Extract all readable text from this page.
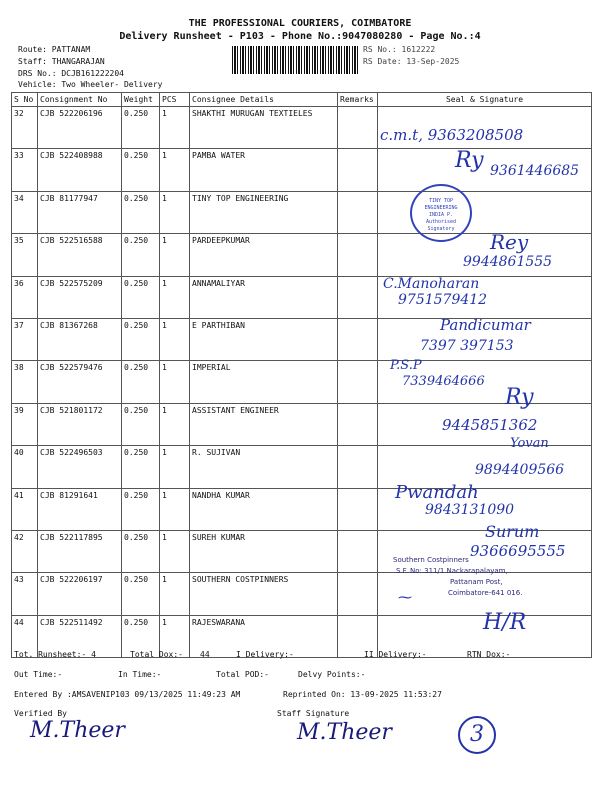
THE PROFESSIONAL COURIERS, COIMBATORE
Delivery Runsheet - P103 - Phone No.:9047080280 - Page No.:4
Route: PATTANAM
Staff: THANGARAJAN
DRS No.: DCJB161222204
Vehicle: Two Wheeler- Delivery
RS No.: 1612222
RS Date: 13-Sep-2025
S No	Consignment No	Weight	PCS	Consignee Details	Remarks	Seal & Signature
32	CJB 522206196	0.250	1	SHAKTHI MURUGAN TEXTIELES		
33	CJB 522408988	0.250	1	PAMBA WATER		
34	CJB 81177947	0.250	1	TINY TOP ENGINEERING		
35	CJB 522516588	0.250	1	PARDEEPKUMAR		
36	CJB 522575209	0.250	1	ANNAMALIYAR		
37	CJB 81367268	0.250	1	E PARTHIBAN		
38	CJB 522579476	0.250	1	IMPERIAL		
39	CJB 521801172	0.250	1	ASSISTANT ENGINEER		
40	CJB 522496503	0.250	1	R. SUJIVAN		
41	CJB 81291641	0.250	1	NANDHA KUMAR		
42	CJB 522117895	0.250	1	SUREH KUMAR		
43	CJB 522206197	0.250	1	SOUTHERN COSTPINNERS		
44	CJB 522511492	0.250	1	RAJESWARANA		
c.m.t, 9363208508
9361446685
Ry
TINY TOP ENGINEERING INDIA P. Authorised Signatory
Rey
9944861555
C.Manoharan
9751579412
Pandicumar
7397 397153
P.S.P
7339464666
Ry
9445851362
Yovan
9894409566
Pwandah
9843131090
Surum
9366695555
Southern Costpinners
S.F. No: 311/1 Nackarapalayam,
Pattanam Post,
Coimbatore-641 016.
⁓
H/R
Tot. Runsheet:- 4	Total Dox:- 44	I Delivery:-	II Delivery:-	RTN Dox:-
Out Time:-	In Time:-	Total POD:-	Delvy Points:-
Entered By :AMSAVENIP103 09/13/2025 11:49:23 AM	Reprinted On: 13-09-2025 11:53:27
Verified By	Staff Signature
M.Theer	M.Theer	3
